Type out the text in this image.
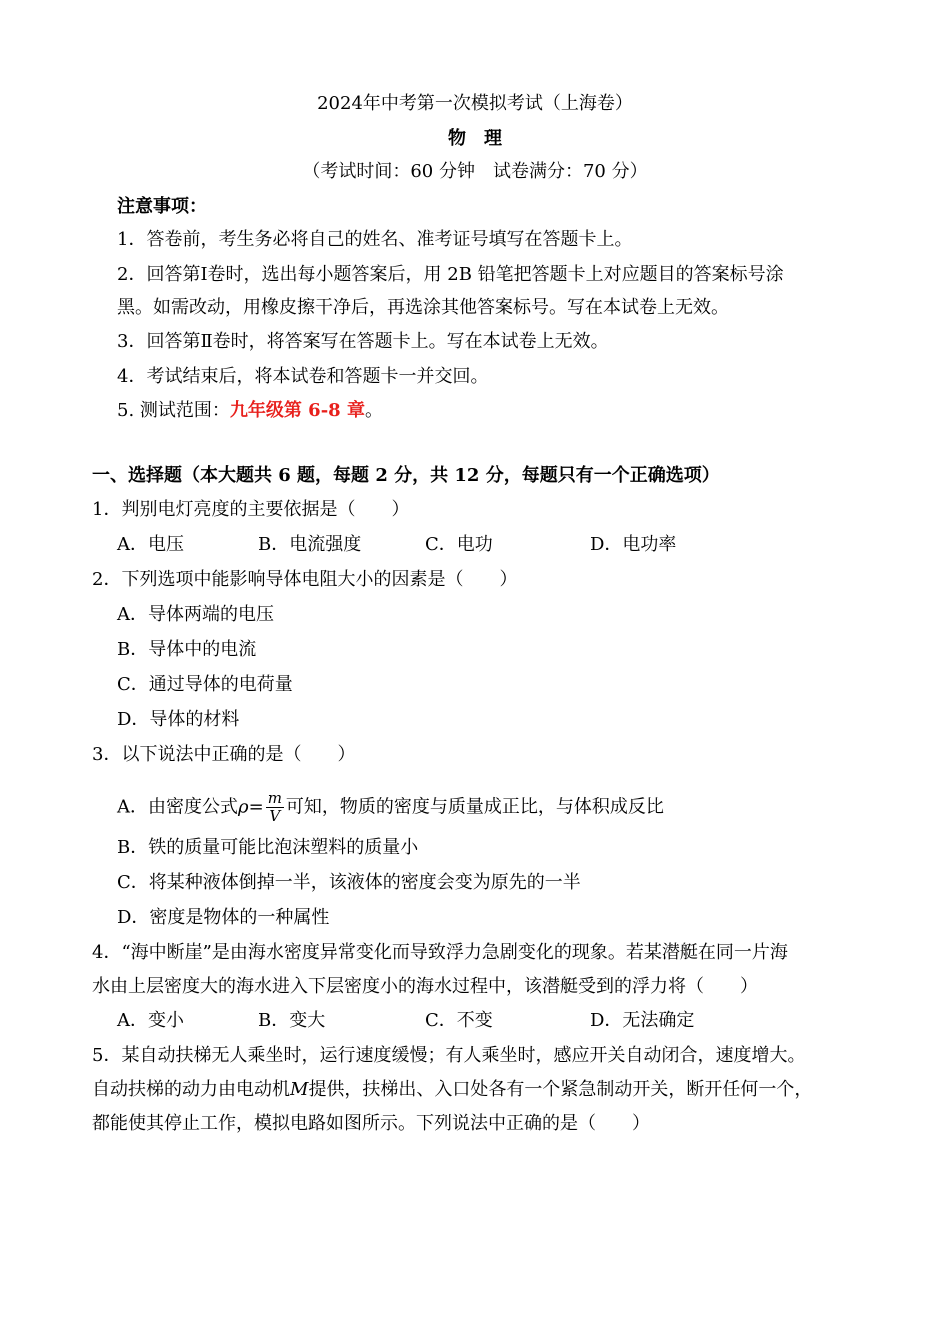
2024年中考第一次模拟考试（上海卷）
物　理
（考试时间：60 分钟　试卷满分：70 分）
注意事项：
1．答卷前，考生务必将自己的姓名、准考证号填写在答题卡上。
2．回答第Ⅰ卷时，选出每小题答案后，用 2B 铅笔把答题卡上对应题目的答案标号涂
黑。如需改动，用橡皮擦干净后，再选涂其他答案标号。写在本试卷上无效。
3．回答第Ⅱ卷时，将答案写在答题卡上。写在本试卷上无效。
4．考试结束后，将本试卷和答题卡一并交回。
5. 测试范围：九年级第 6-8 章。
一、选择题（本大题共 6 题，每题 2 分，共 12 分，每题只有一个正确选项）
1．判别电灯亮度的主要依据是（　　）
A．电压	B．电流强度	C．电功	D．电功率
2．下列选项中能影响导体电阻大小的因素是（　　）
A．导体两端的电压
B．导体中的电流
C．通过导体的电荷量
D．导体的材料
3．以下说法中正确的是（　　）
A．由密度公式$\rho= \frac{m}{V}$ 可知，物质的密度与质量成正比，与体积成反比
B．铁的质量可能比泡沫塑料的质量小
C．将某种液体倒掉一半，该液体的密度会变为原先的一半
D．密度是物体的一种属性
4．“海中断崖”是由海水密度异常变化而导致浮力急剧变化的现象。若某潜艇在同一片海
水由上层密度大的海水进入下层密度小的海水过程中，该潜艇受到的浮力将（　　）
A．变小	B．变大	C．不变	D．无法确定
5．某自动扶梯无人乘坐时，运行速度缓慢；有人乘坐时，感应开关自动闭合，速度增大。
自动扶梯的动力由电动机M提供，扶梯出、入口处各有一个紧急制动开关，断开任何一个，
都能使其停止工作，模拟电路如图所示。下列说法中正确的是（　　）
